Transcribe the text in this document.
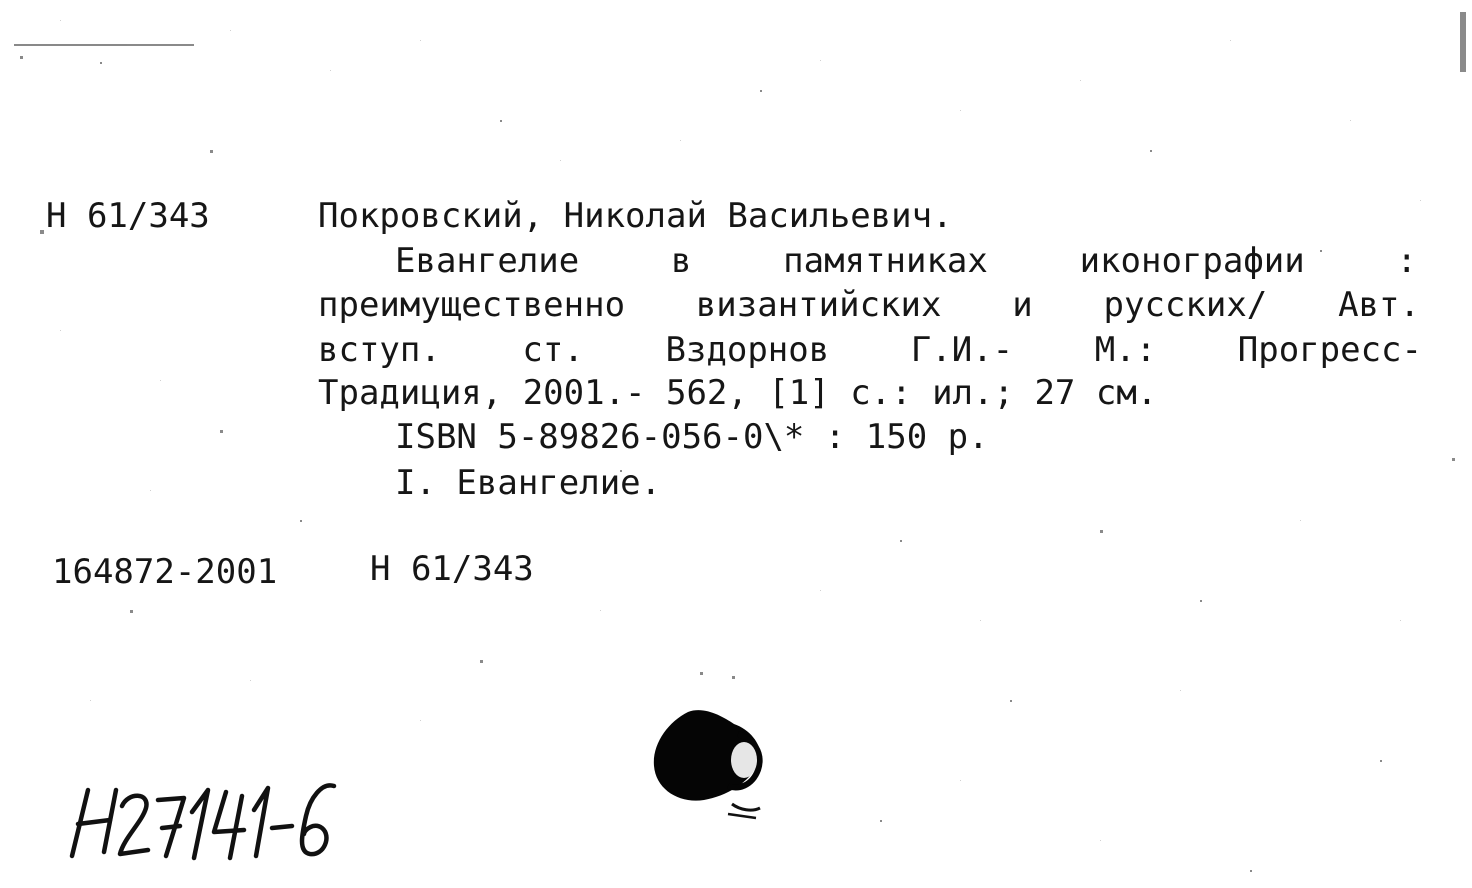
Н 61/343	Покровский, Николай Васильевич.
Евангелие	в	памятниках	иконографии	:
преимущественно византийских и русских/ Авт.
вступ. ст. Вздорнов Г.И.- М.: Прогресс-
Традиция, 2001.- 562, [1] с.: ил.; 27 см.
ISBN 5-89826-056-0\* : 150 р.
I. Евангелие.
164872-2001	Н 61/343
